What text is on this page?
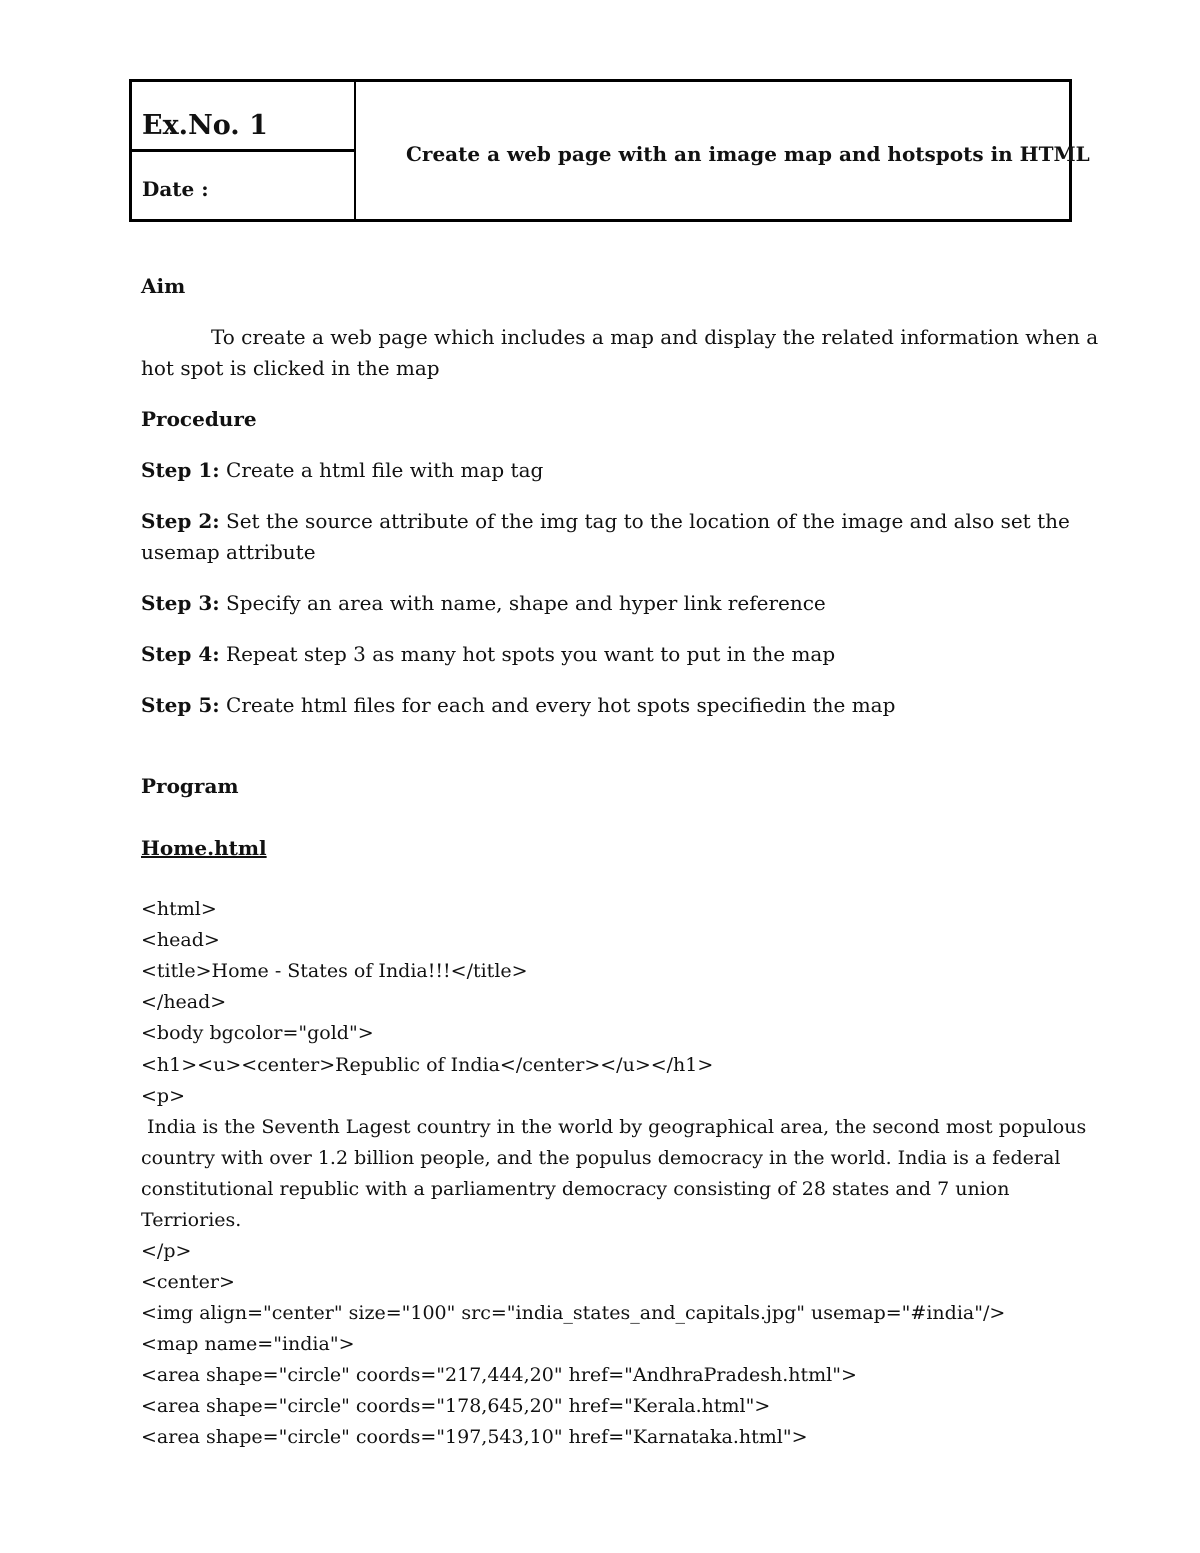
Ex.No. 1
Date :
Create a web page with an image map and hotspots in HTML
Aim
To create a web page which includes a map and display the related information when a
hot spot is clicked in the map
Procedure
Step 1: Create a html file with map tag
Step 2: Set the source attribute of the img tag to the location of the image and also set the
usemap attribute
Step 3: Specify an area with name, shape and hyper link reference
Step 4: Repeat step 3 as many hot spots you want to put in the map
Step 5: Create html files for each and every hot spots specifiedin the map
Program
Home.html
<html>
<head>
<title>Home - States of India!!!</title>
</head>
<body bgcolor="gold">
<h1><u><center>Republic of India</center></u></h1>
<p>
India is the Seventh Lagest country in the world by geographical area, the second most populous
country with over 1.2 billion people, and the populus democracy in the world. India is a federal
constitutional republic with a parliamentry democracy consisting of 28 states and 7 union
Terriories.
</p>
<center>
<img align="center" size="100" src="india_states_and_capitals.jpg" usemap="#india"/>
<map name="india">
<area shape="circle" coords="217,444,20" href="AndhraPradesh.html">
<area shape="circle" coords="178,645,20" href="Kerala.html">
<area shape="circle" coords="197,543,10" href="Karnataka.html">
